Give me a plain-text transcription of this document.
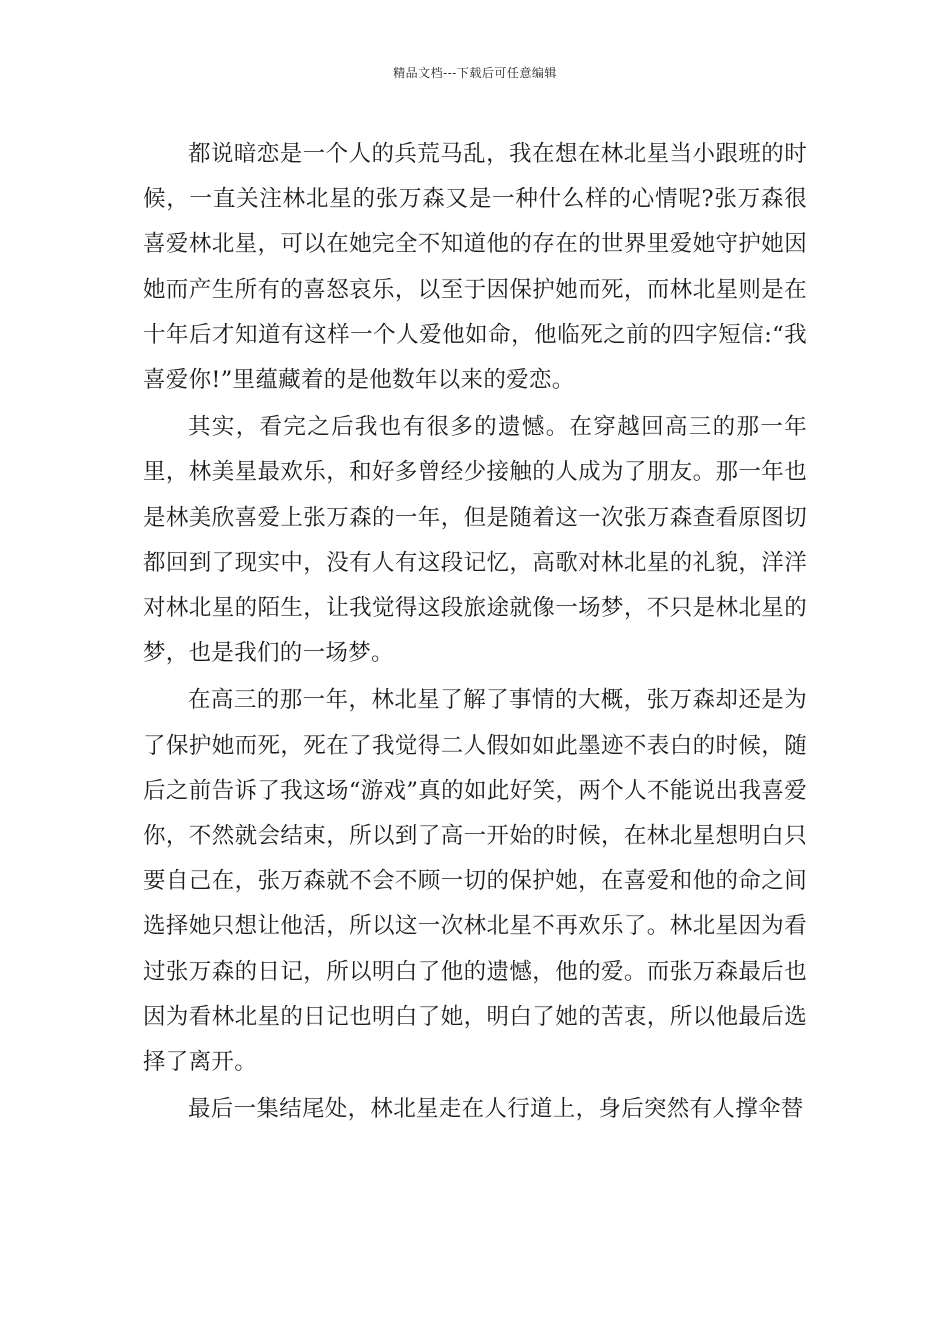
精品文档---下载后可任意编辑

都说暗恋是一个人的兵荒马乱，我在想在林北星当小跟班的时候，一直关注林北星的张万森又是一种什么样的心情呢?张万森很喜爱林北星，可以在她完全不知道他的存在的世界里爱她守护她因她而产生所有的喜怒哀乐，以至于因保护她而死，而林北星则是在十年后才知道有这样一个人爱他如命，他临死之前的四字短信:“我喜爱你!”里蕴藏着的是他数年以来的爱恋。

其实，看完之后我也有很多的遗憾。在穿越回高三的那一年里，林美星最欢乐，和好多曾经少接触的人成为了朋友。那一年也是林美欣喜爱上张万森的一年，但是随着这一次张万森查看原图切都回到了现实中，没有人有这段记忆，高歌对林北星的礼貌，洋洋对林北星的陌生，让我觉得这段旅途就像一场梦，不只是林北星的梦，也是我们的一场梦。

在高三的那一年，林北星了解了事情的大概，张万森却还是为了保护她而死，死在了我觉得二人假如如此墨迹不表白的时候，随后之前告诉了我这场“游戏”真的如此好笑，两个人不能说出我喜爱你，不然就会结束，所以到了高一开始的时候，在林北星想明白只要自己在，张万森就不会不顾一切的保护她，在喜爱和他的命之间选择她只想让他活，所以这一次林北星不再欢乐了。林北星因为看过张万森的日记，所以明白了他的遗憾，他的爱。而张万森最后也因为看林北星的日记也明白了她，明白了她的苦衷，所以他最后选择了离开。

最后一集结尾处，林北星走在人行道上，身后突然有人撑伞替
